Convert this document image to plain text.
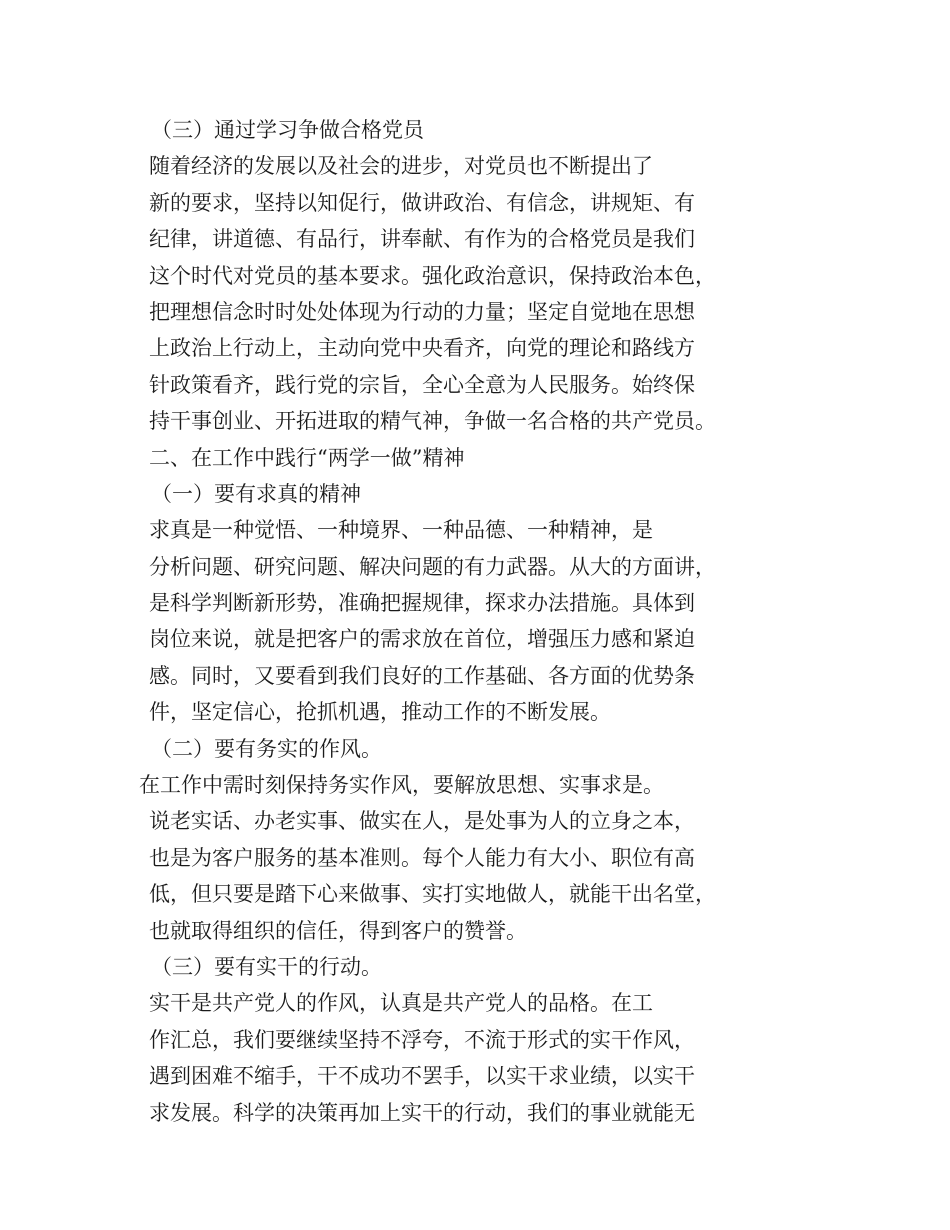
（三）通过学习争做合格党员
随着经济的发展以及社会的进步，对党员也不断提出了
新的要求，坚持以知促行，做讲政治、有信念，讲规矩、有
纪律，讲道德、有品行，讲奉献、有作为的合格党员是我们
这个时代对党员的基本要求。强化政治意识，保持政治本色，
把理想信念时时处处体现为行动的力量；坚定自觉地在思想
上政治上行动上，主动向党中央看齐，向党的理论和路线方
针政策看齐，践行党的宗旨，全心全意为人民服务。始终保
持干事创业、开拓进取的精气神，争做一名合格的共产党员。
二、在工作中践行“两学一做”精神
（一）要有求真的精神
求真是一种觉悟、一种境界、一种品德、一种精神，是
分析问题、研究问题、解决问题的有力武器。从大的方面讲，
是科学判断新形势，准确把握规律，探求办法措施。具体到
岗位来说，就是把客户的需求放在首位，增强压力感和紧迫
感。同时，又要看到我们良好的工作基础、各方面的优势条
件，坚定信心，抢抓机遇，推动工作的不断发展。
（二）要有务实的作风。
在工作中需时刻保持务实作风，要解放思想、实事求是。
说老实话、办老实事、做实在人，是处事为人的立身之本，
也是为客户服务的基本准则。每个人能力有大小、职位有高
低，但只要是踏下心来做事、实打实地做人，就能干出名堂，
也就取得组织的信任，得到客户的赞誉。
（三）要有实干的行动。
实干是共产党人的作风，认真是共产党人的品格。在工
作汇总，我们要继续坚持不浮夸，不流于形式的实干作风，
遇到困难不缩手，干不成功不罢手，以实干求业绩，以实干
求发展。科学的决策再加上实干的行动，我们的事业就能无
